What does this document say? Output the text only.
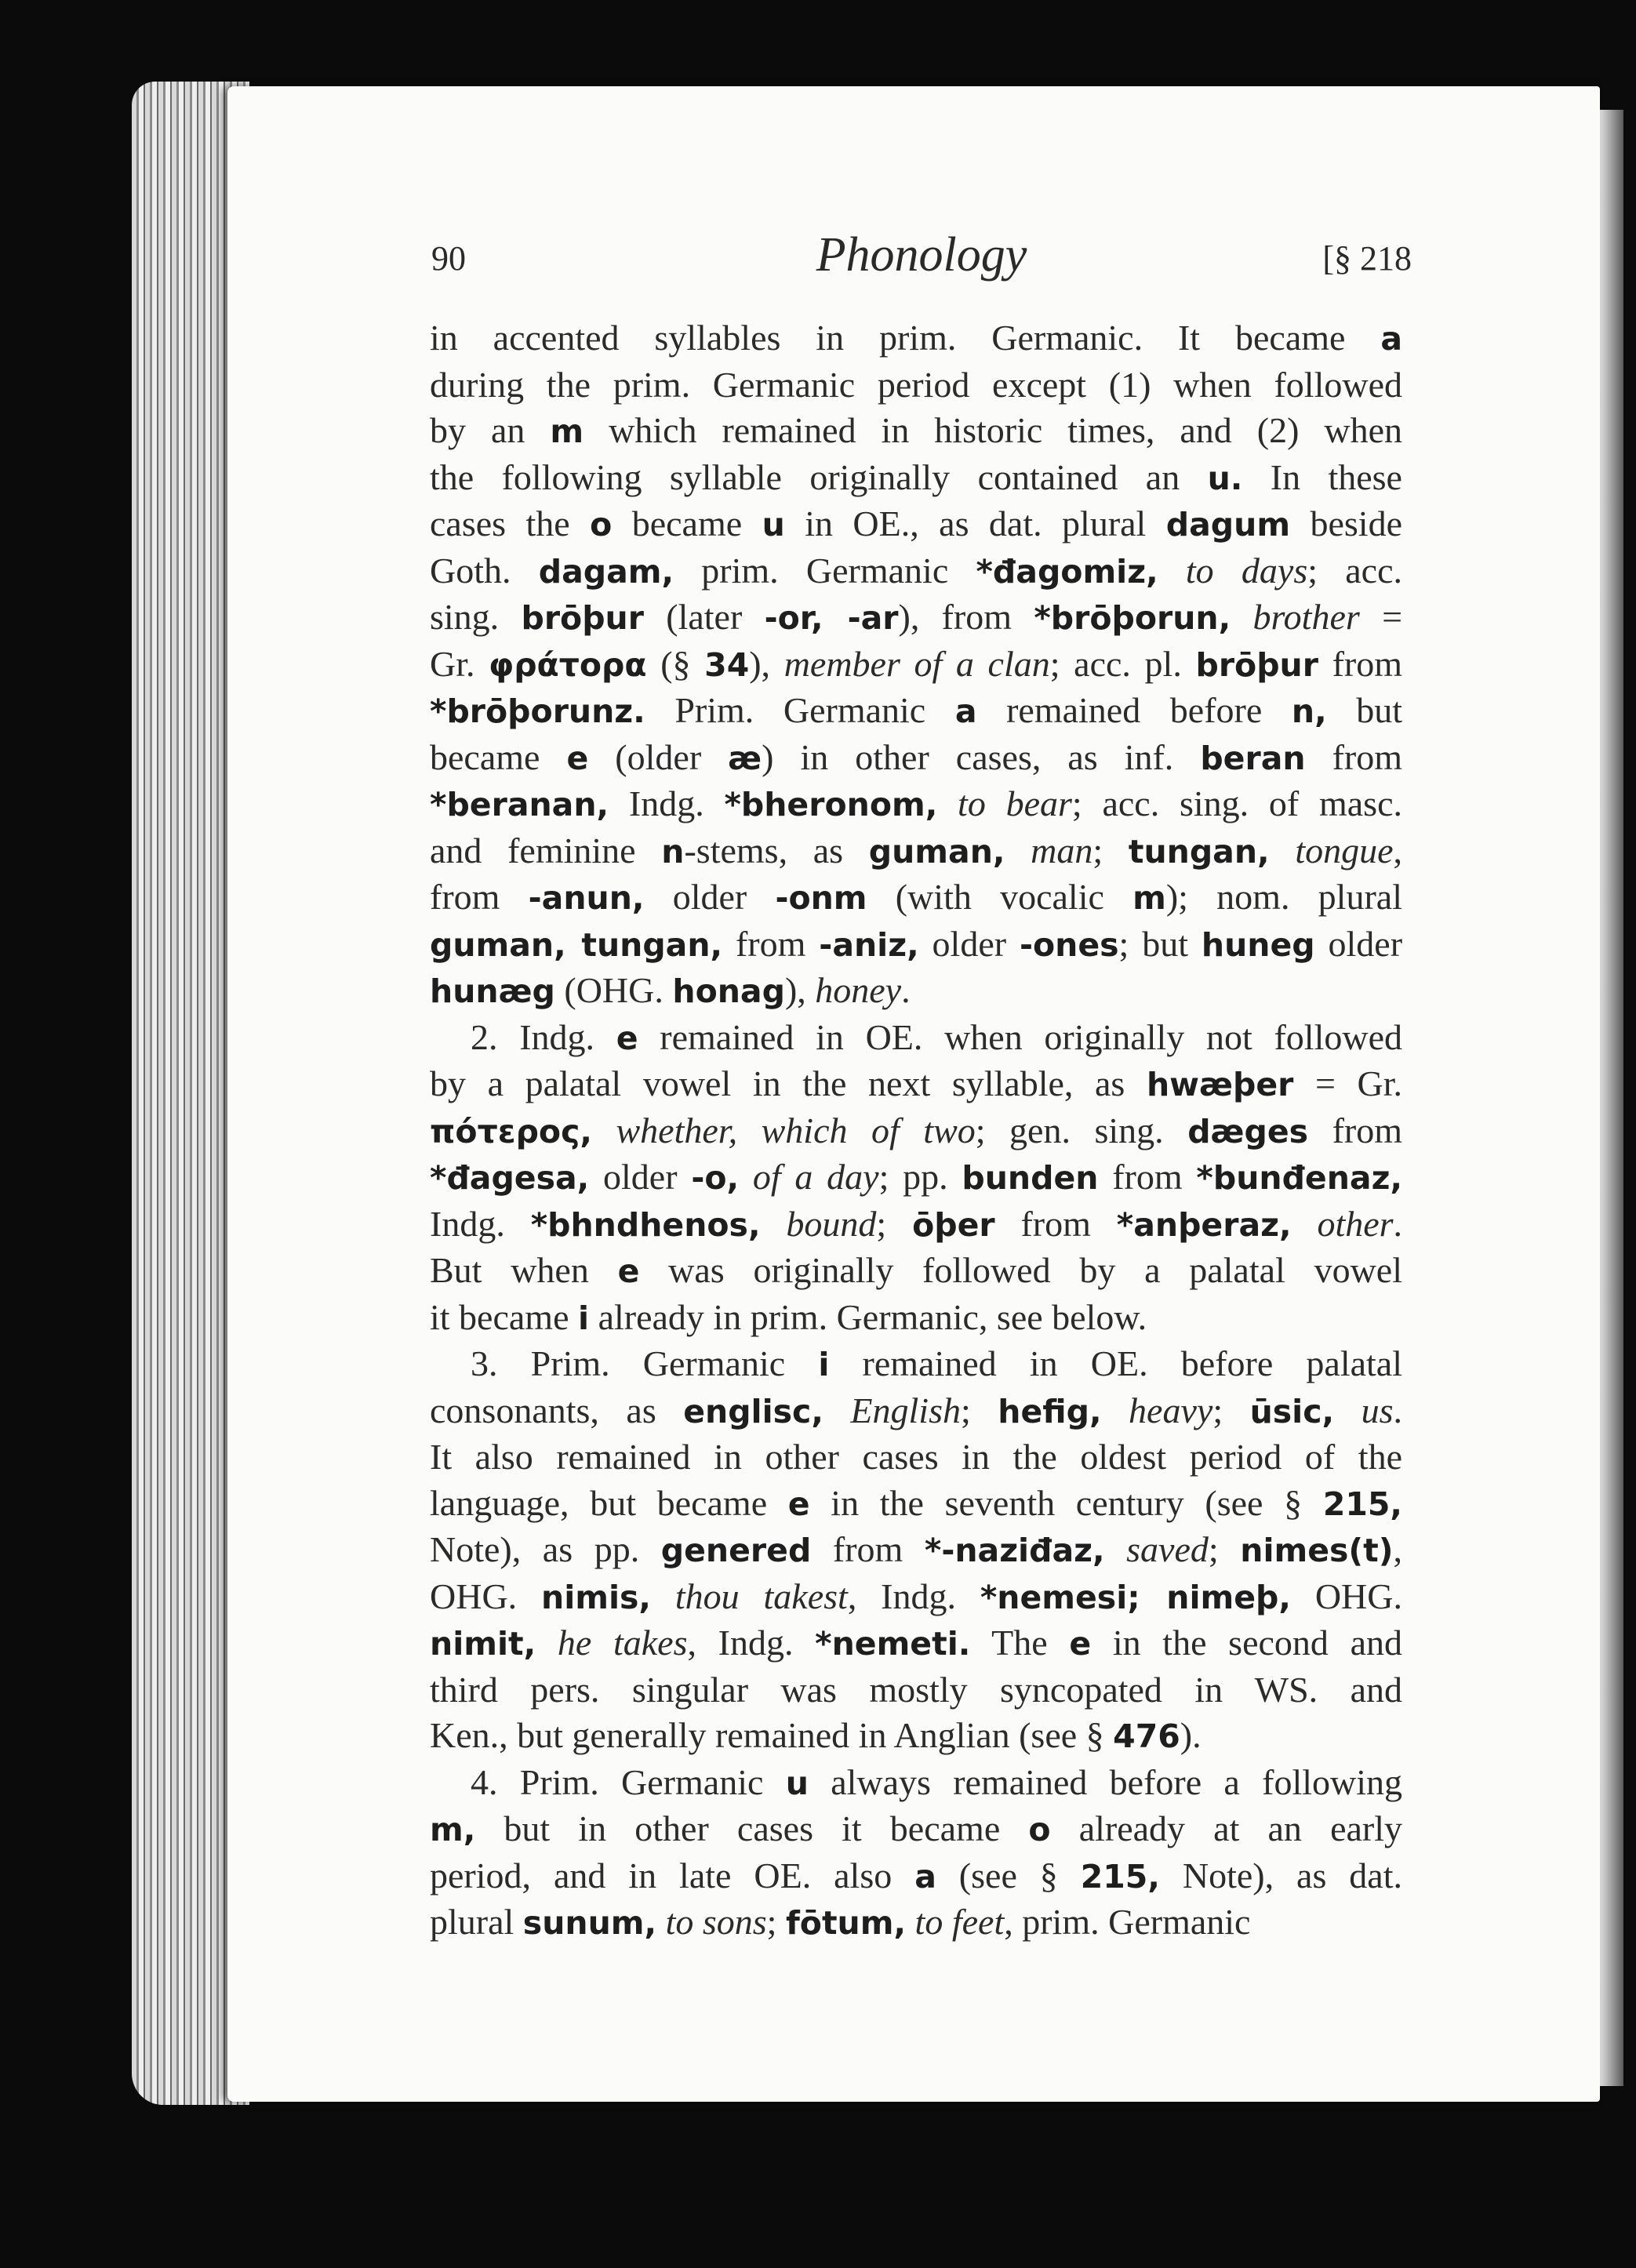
90	Phonology	[§ 218

in accented syllables in prim. Germanic. It became a

during the prim. Germanic period except (1) when followed

by an m which remained in historic times, and (2) when

the following syllable originally contained an u. In these

cases the o became u in OE., as dat. plural dagum beside

Goth. dagam, prim. Germanic *đagomiz, to days; acc.

sing. brōþur (later -or, -ar), from *brōþorun, brother =

Gr. φράτορα (§ 34), member of a clan; acc. pl. brōþur from

*brōþorunz. Prim. Germanic a remained before n, but

became e (older æ) in other cases, as inf. beran from

*beranan, Indg. *bheronom, to bear; acc. sing. of masc.

and feminine n-stems, as guman, man; tungan, tongue,

from -anun, older -onm (with vocalic m); nom. plural

guman, tungan, from -aniz, older -ones; but huneg older

hunæg (OHG. honag), honey.

2. Indg. e remained in OE. when originally not followed

by a palatal vowel in the next syllable, as hwæþer = Gr.

πότερος, whether, which of two; gen. sing. dæges from

*đagesa, older -o, of a day; pp. bunden from *bunđenaz,

Indg. *bhndhenos, bound; ōþer from *anþeraz, other.

But when e was originally followed by a palatal vowel

it became i already in prim. Germanic, see below.

3. Prim. Germanic i remained in OE. before palatal

consonants, as englisc, English; hefig, heavy; ūsic, us.

It also remained in other cases in the oldest period of the

language, but became e in the seventh century (see § 215,

Note), as pp. genered from *-naziđaz, saved; nimes(t),

OHG. nimis, thou takest, Indg. *nemesi; nimeþ, OHG.

nimit, he takes, Indg. *nemeti. The e in the second and

third pers. singular was mostly syncopated in WS. and

Ken., but generally remained in Anglian (see § 476).

4. Prim. Germanic u always remained before a following

m, but in other cases it became o already at an early

period, and in late OE. also a (see § 215, Note), as dat.

plural sunum, to sons; fōtum, to feet, prim. Germanic
